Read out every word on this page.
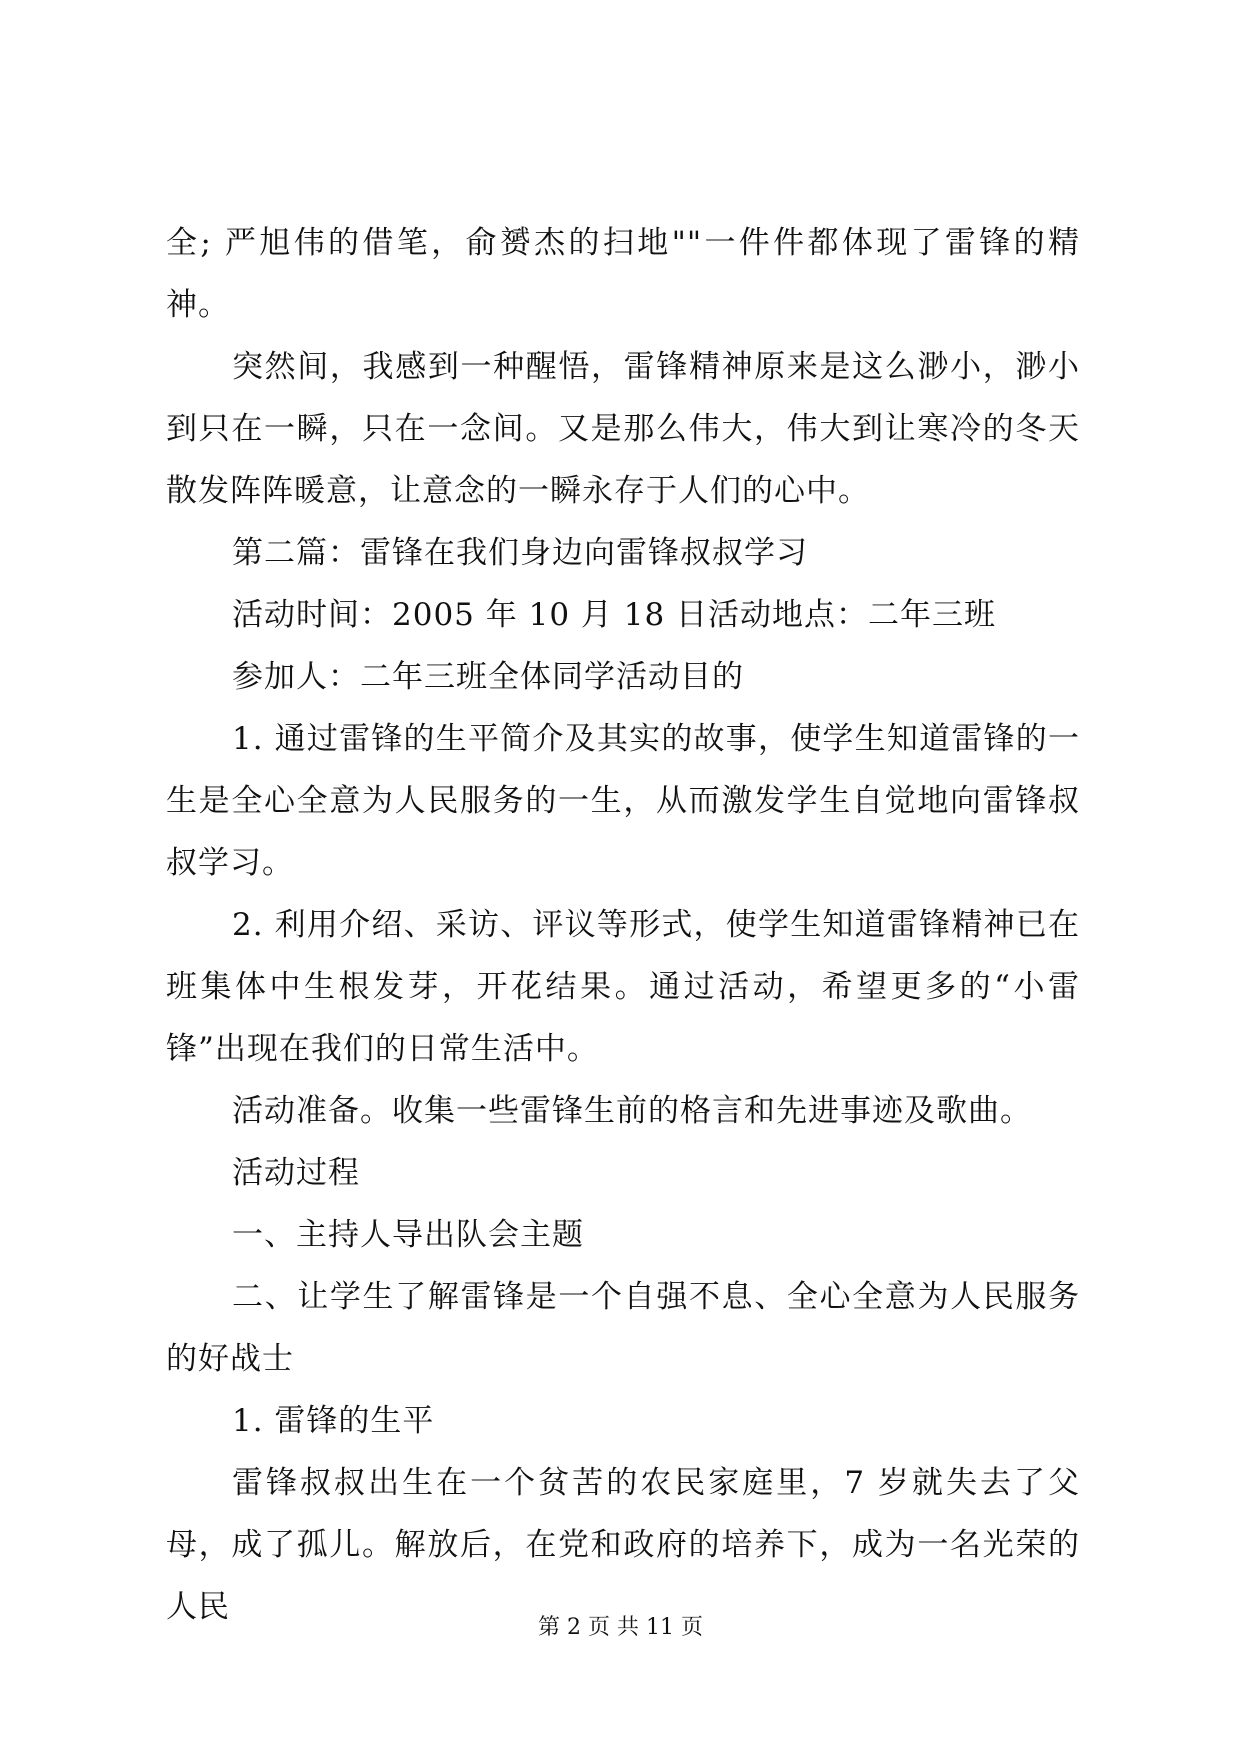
全; 严旭伟的借笔，俞赟杰的扫地""一件件都体现了雷锋的精神。

突然间，我感到一种醒悟，雷锋精神原来是这么渺小，渺小到只在一瞬，只在一念间。又是那么伟大，伟大到让寒冷的冬天散发阵阵暖意，让意念的一瞬永存于人们的心中。

第二篇：雷锋在我们身边向雷锋叔叔学习

活动时间：2005 年 10 月 18 日活动地点：二年三班

参加人：二年三班全体同学活动目的

1. 通过雷锋的生平简介及其实的故事，使学生知道雷锋的一生是全心全意为人民服务的一生，从而激发学生自觉地向雷锋叔叔学习。

2. 利用介绍、采访、评议等形式，使学生知道雷锋精神已在班集体中生根发芽，开花结果。通过活动，希望更多的“小雷锋”出现在我们的日常生活中。

活动准备。收集一些雷锋生前的格言和先进事迹及歌曲。

活动过程

一、主持人导出队会主题

二、让学生了解雷锋是一个自强不息、全心全意为人民服务的好战士

1. 雷锋的生平

雷锋叔叔出生在一个贫苦的农民家庭里，7 岁就失去了父母，成了孤儿。解放后，在党和政府的培养下，成为一名光荣的人民

第 2 页 共 11 页
